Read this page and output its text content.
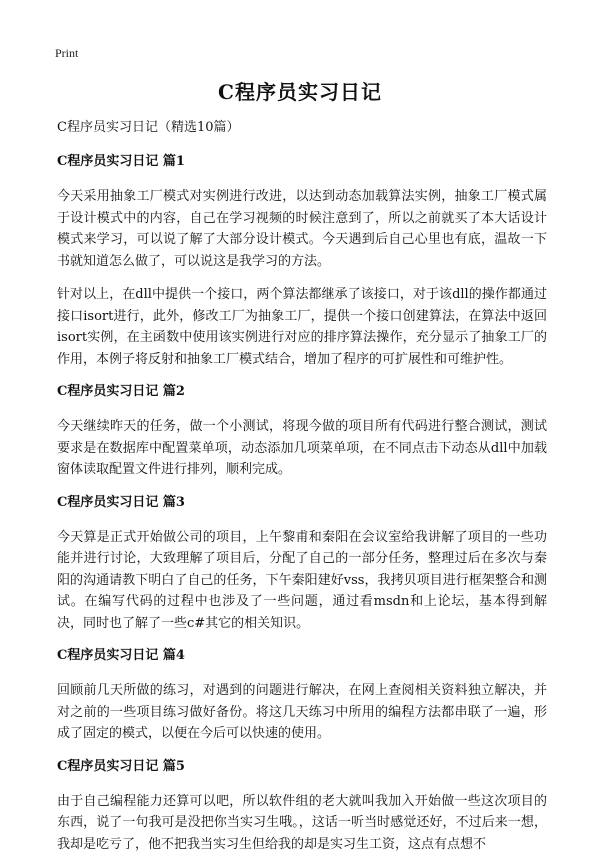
Print
C程序员实习日记
C程序员实习日记（精选10篇）
C程序员实习日记 篇1

今天采用抽象工厂模式对实例进行改进，以达到动态加载算法实例，抽象工厂模式属于设计模式中的内容，自己在学习视频的时候注意到了，所以之前就买了本大话设计模式来学习，可以说了解了大部分设计模式。今天遇到后自己心里也有底，温故一下书就知道怎么做了，可以说这是我学习的方法。

针对以上，在dll中提供一个接口，两个算法都继承了该接口，对于该dll的操作都通过接口isort进行，此外，修改工厂为抽象工厂，提供一个接口创建算法，在算法中返回isort实例，在主函数中使用该实例进行对应的排序算法操作，充分显示了抽象工厂的作用，本例子将反射和抽象工厂模式结合，增加了程序的可扩展性和可维护性。

C程序员实习日记 篇2

今天继续昨天的任务，做一个小测试，将现今做的项目所有代码进行整合测试，测试要求是在数据库中配置菜单项，动态添加几项菜单项，在不同点击下动态从dll中加载窗体读取配置文件进行排列，顺利完成。

C程序员实习日记 篇3

今天算是正式开始做公司的项目，上午黎甫和秦阳在会议室给我讲解了项目的一些功能并进行讨论，大致理解了项目后，分配了自己的一部分任务，整理过后在多次与秦阳的沟通请教下明白了自己的任务，下午秦阳建好vss，我拷贝项目进行框架整合和测试。在编写代码的过程中也涉及了一些问题，通过看msdn和上论坛，基本得到解决，同时也了解了一些c#其它的相关知识。

C程序员实习日记 篇4

回顾前几天所做的练习，对遇到的问题进行解决，在网上查阅相关资料独立解决，并对之前的一些项目练习做好备份。将这几天练习中所用的编程方法都串联了一遍，形成了固定的模式，以便在今后可以快速的使用。

C程序员实习日记 篇5

由于自己编程能力还算可以吧，所以软件组的老大就叫我加入开始做一些这次项目的东西，说了一句我可是没把你当实习生哦。，这话一听当时感觉还好，不过后来一想，我却是吃亏了，他不把我当实习生但给我的却是实习生工资，这点有点想不
